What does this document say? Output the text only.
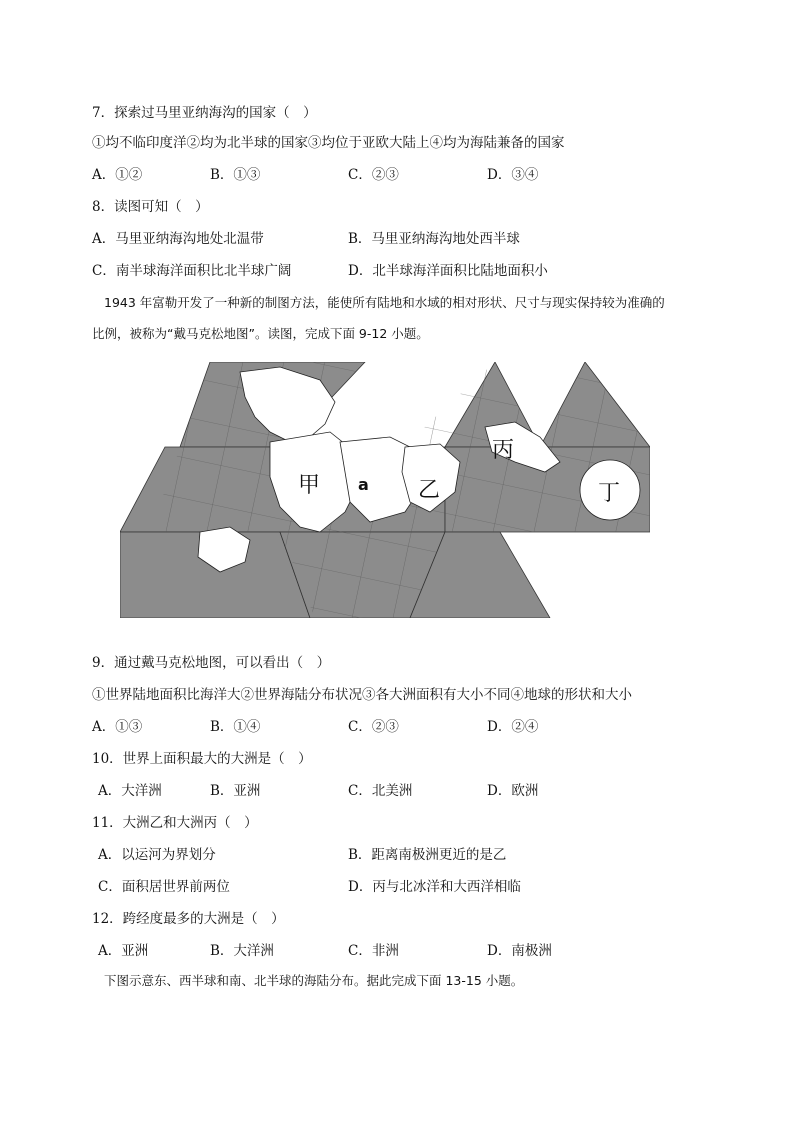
7．探索过马里亚纳海沟的国家（　）
①均不临印度洋②均为北半球的国家③均位于亚欧大陆上④均为海陆兼备的国家
A．①②	B．①③	C．②③	D．③④
8．读图可知（　）
A．马里亚纳海沟地处北温带	B．马里亚纳海沟地处西半球
C．南半球海洋面积比北半球广阔	D．北半球海洋面积比陆地面积小
1943 年富勒开发了一种新的制图方法，能使所有陆地和水域的相对形状、尺寸与现实保持较为准确的
比例，被称为“戴马克松地图”。读图，完成下面 9-12 小题。
甲 a 乙
丙
丁
9．通过戴马克松地图，可以看出（　）
①世界陆地面积比海洋大②世界海陆分布状况③各大洲面积有大小不同④地球的形状和大小
A．①③	B．①④	C．②③	D．②④
10．世界上面积最大的大洲是（　）
A．大洋洲	B．亚洲	C．北美洲	D．欧洲
11．大洲乙和大洲丙（　）
A．以运河为界划分	B．距离南极洲更近的是乙
C．面积居世界前两位	D．丙与北冰洋和大西洋相临
12．跨经度最多的大洲是（　）
A．亚洲	B．大洋洲	C．非洲	D．南极洲
下图示意东、西半球和南、北半球的海陆分布。据此完成下面 13-15 小题。
